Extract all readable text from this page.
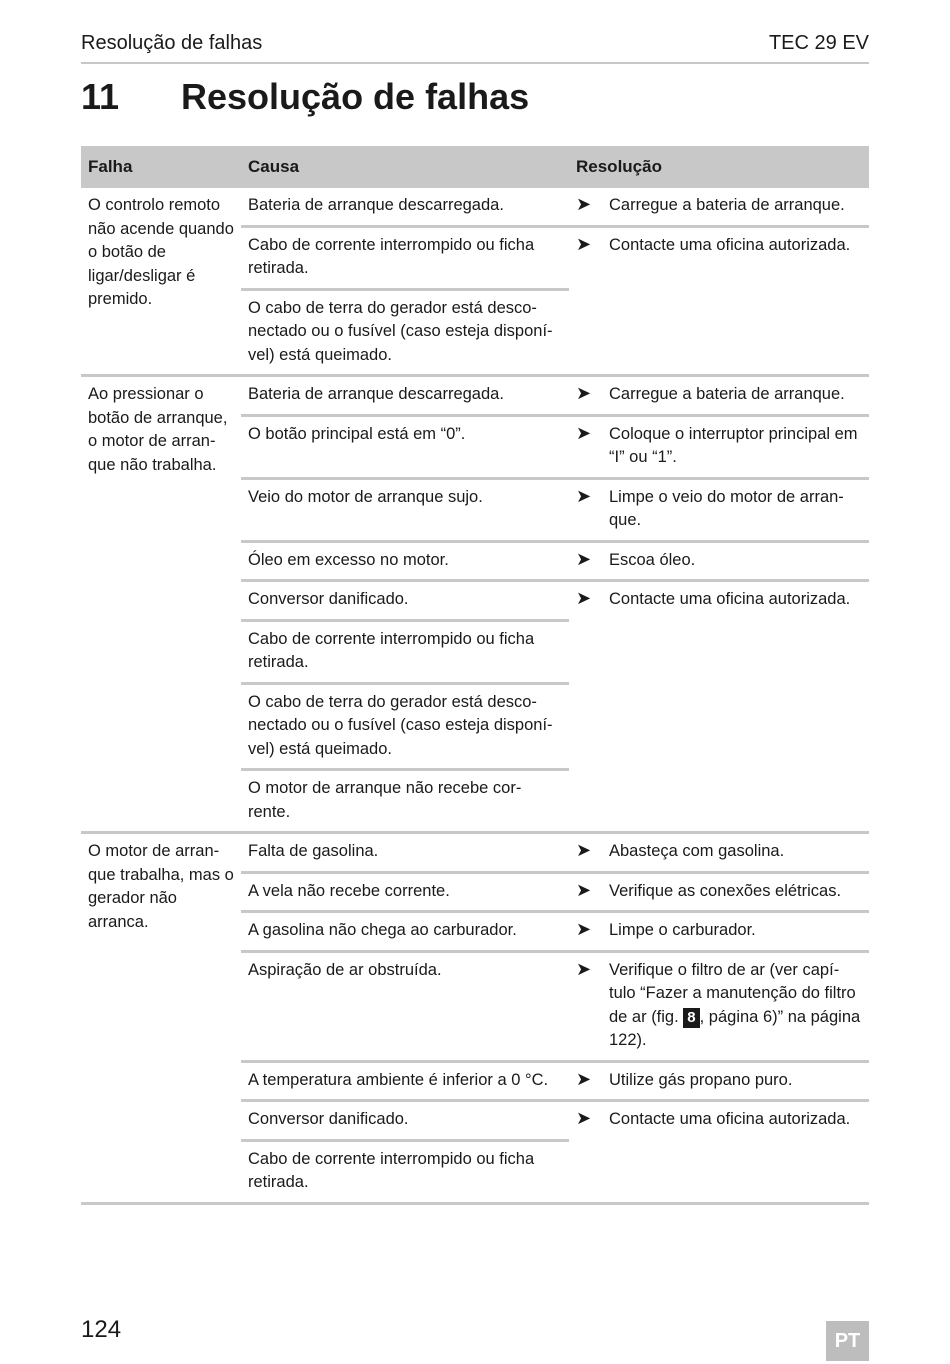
Resolução de falhas	TEC 29 EV
11 Resolução de falhas
Falha	Causa	Resolução
O controlo remoto não acende quando o botão de ligar/desligar é premido.	Bateria de arranque descarregada.	➤ Carregue a bateria de arranque.

	Cabo de corrente interrompido ou ficha retirada.	➤ Contacte uma oficina autorizada.

	O cabo de terra do gerador está desco-nectado ou o fusível (caso esteja disponí-vel) está queimado.	
Ao pressionar o botão de arranque, o motor de arran-que não trabalha.	Bateria de arranque descarregada.	➤ Carregue a bateria de arranque.

	O botão principal está em “0”.	➤ Coloque o interruptor principal em “I” ou “1”.

	Veio do motor de arranque sujo.	➤ Limpe o veio do motor de arran-que.

	Óleo em excesso no motor.	➤ Escoa óleo.

	Conversor danificado.	➤ Contacte uma oficina autorizada.

	Cabo de corrente interrompido ou ficha retirada.	
	O cabo de terra do gerador está desco-nectado ou o fusível (caso esteja disponí-vel) está queimado.	
	O motor de arranque não recebe cor-rente.	
O motor de arran-que trabalha, mas o gerador não arranca.	Falta de gasolina.	➤ Abasteça com gasolina.

	A vela não recebe corrente.	➤ Verifique as conexões elétricas.

	A gasolina não chega ao carburador.	➤ Limpe o carburador.

	Aspiração de ar obstruída.	➤ Verifique o filtro de ar (ver capí-tulo “Fazer a manutenção do filtro de ar (fig. 8 , página 6)” na página 122).

	A temperatura ambiente é inferior a 0 °C.	➤ Utilize gás propano puro.

	Conversor danificado.	➤ Contacte uma oficina autorizada.

	Cabo de corrente interrompido ou ficha retirada.	
124	PT
